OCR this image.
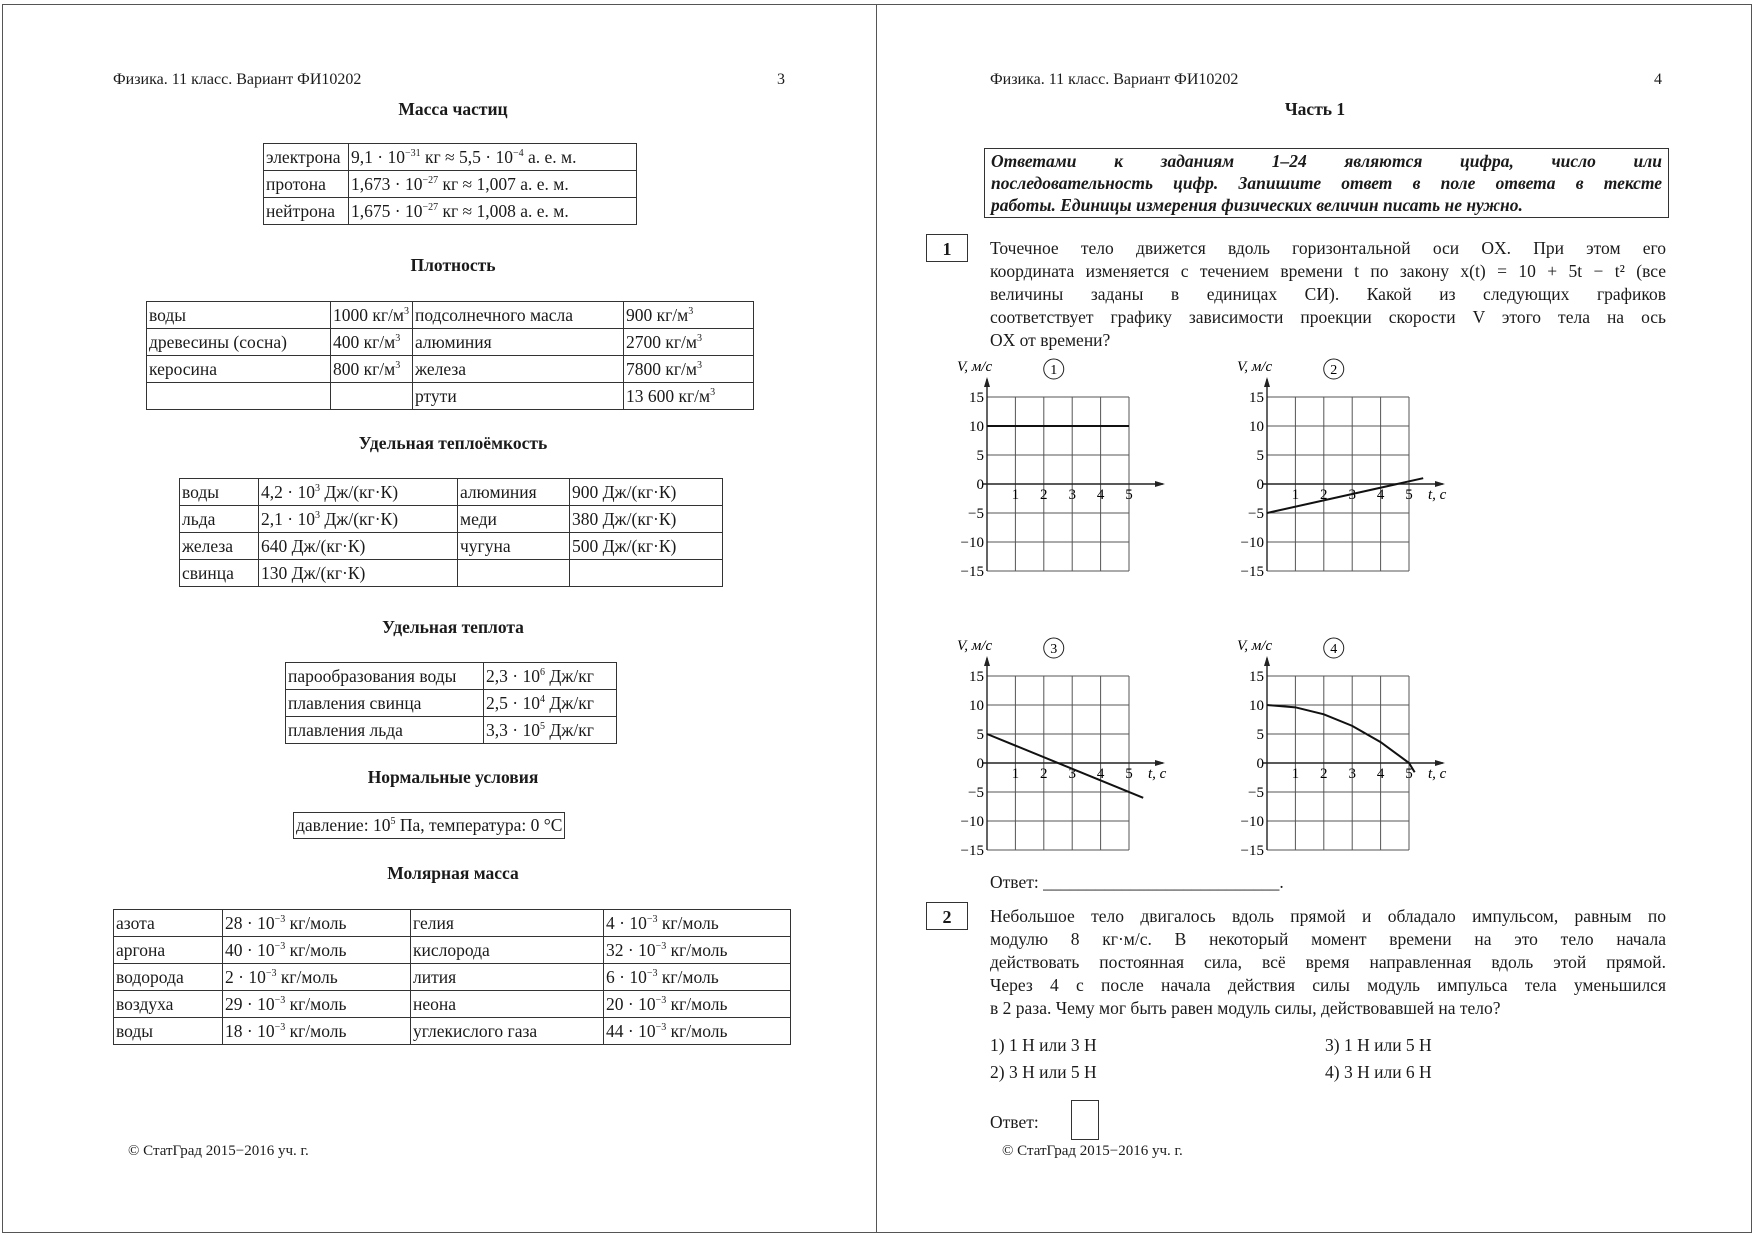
Физика. 11 класс. Вариант ФИ10202	3
Масса частиц
электрона	$9,1 \cdot 10^{-31}$ кг ≈ $5,5 \cdot 10^{-4}$ а. е. м.
протона	$1,673 \cdot 10^{-27}$ кг ≈ 1,007 а. е. м.
нейтрона	$1,675 \cdot 10^{-27}$ кг ≈ 1,008 а. е. м.
Плотность
воды	1000 $кг/м^3$	подсолнечного масла	900 $кг/м^3$
древесины (сосна)	400 $кг/м^3$	алюминия	2700 $кг/м^3$
керосина	800 $кг/м^3$	железа	7800 $кг/м^3$
		ртути	13 600 $кг/м^3$
Удельная теплоёмкость
воды	$4,2 \cdot 10^3$ Дж/(кг·К)	алюминия	900 Дж/(кг·К)
льда	$2,1 \cdot 10^3$ Дж/(кг·К)	меди	380 Дж/(кг·К)
железа	640 Дж/(кг·К)	чугуна	500 Дж/(кг·К)
свинца	130 Дж/(кг·К)		
Удельная теплота
парообразования воды	$2,3 \cdot 10^6$ Дж/кг
плавления свинца	$2,5 \cdot 10^4$ Дж/кг
плавления льда	$3,3 \cdot 10^5$ Дж/кг
Нормальные условия
давление: $10^5$ Па, температура: 0 °C
Молярная масса
азота	$28 \cdot 10^{-3}$ кг/моль	гелия	$4 \cdot 10^{-3}$ кг/моль
аргона	$40 \cdot 10^{-3}$ кг/моль	кислорода	$32 \cdot 10^{-3}$ кг/моль
водорода	$2 \cdot 10^{-3}$ кг/моль	лития	$6 \cdot 10^{-3}$ кг/моль
воздуха	$29 \cdot 10^{-3}$ кг/моль	неона	$20 \cdot 10^{-3}$ кг/моль
воды	$18 \cdot 10^{-3}$ кг/моль	углекислого газа	$44 \cdot 10^{-3}$ кг/моль
© СтатГрад 2015−2016 уч. г.
Физика. 11 класс. Вариант ФИ10202	4
Часть 1
Ответами к заданиям 1–24 являются цифра, число или
последовательность цифр. Запишите ответ в поле ответа в тексте
работы. Единицы измерения физических величин писать не нужно.
1	Точечное тело движется вдоль горизонтальной оси OX. При этом его
координата изменяется с течением времени t по закону x(t) = 10 + 5t − t² (все
величины заданы в единицах СИ). Какой из следующих графиков
соответствует графику зависимости проекции скорости V этого тела на ось
OX от времени?
15
10
5
0
−5
−10
−15
1 2 3 4 5
V, м/с	1
15
10
5
0
−5
−10
−15
1 2 3 4 5
V, м/с
t, с
2
15
10
5
0
−5
−10
−15
1 2 3 4 5
V, м/с
t, с
3
15
10
5
0
−5
−10
−15
1 2 3 4 5
V, м/с
t, с
4
Ответ: ___________________________.
2	Небольшое тело двигалось вдоль прямой и обладало импульсом, равным по
модулю 8 кг·м/с. В некоторый момент времени на это тело начала
действовать постоянная сила, всё время направленная вдоль этой прямой.
Через 4 с после начала действия силы модуль импульса тела уменьшился
в 2 раза. Чему мог быть равен модуль силы, действовавшей на тело?
1) 1 Н или 3 Н
2) 3 Н или 5 Н
3) 1 Н или 5 Н
4) 3 Н или 6 Н
Ответ:
© СтатГрад 2015−2016 уч. г.
